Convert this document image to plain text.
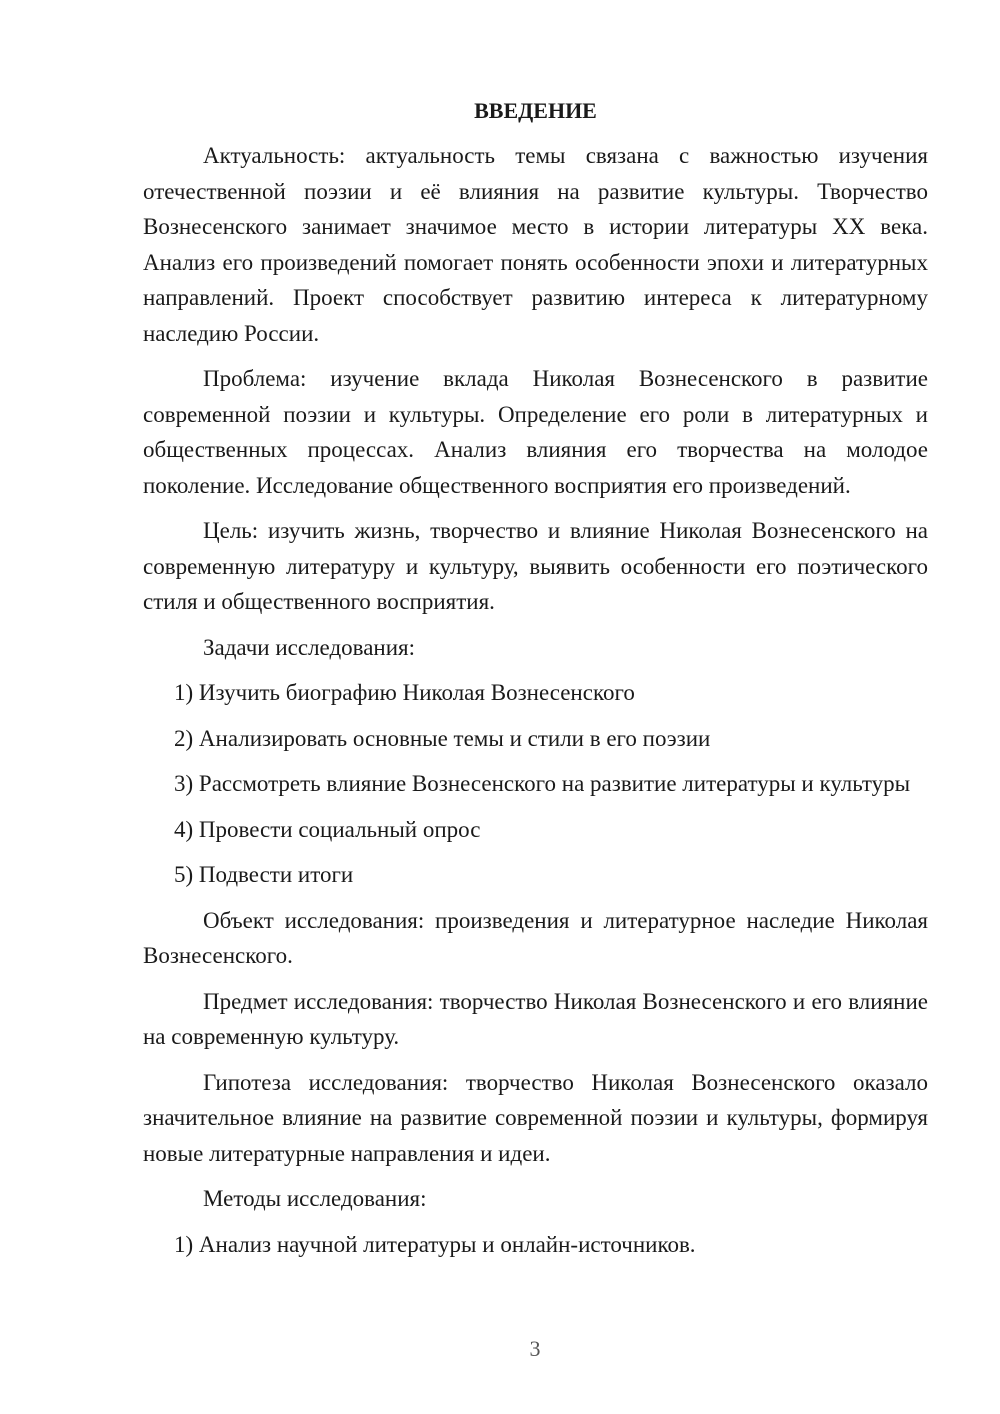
ВВЕДЕНИЕ

Актуальность: актуальность темы связана с важностью изучения отечественной поэзии и её влияния на развитие культуры. Творчество Вознесенского занимает значимое место в истории литературы XX века. Анализ его произведений помогает понять особенности эпохи и литературных направлений. Проект способствует развитию интереса к литературному наследию России.

Проблема: изучение вклада Николая Вознесенского в развитие современной поэзии и культуры. Определение его роли в литературных и общественных процессах. Анализ влияния его творчества на молодое поколение. Исследование общественного восприятия его произведений.

Цель: изучить жизнь, творчество и влияние Николая Вознесенского на современную литературу и культуру, выявить особенности его поэтического стиля и общественного восприятия.

Задачи исследования:

1) Изучить биографию Николая Вознесенского

2) Анализировать основные темы и стили в его поэзии

3) Рассмотреть влияние Вознесенского на развитие литературы и культуры

4) Провести социальный опрос

5) Подвести итоги

Объект исследования: произведения и литературное наследие Николая Вознесенского.

Предмет исследования: творчество Николая Вознесенского и его влияние на современную культуру.

Гипотеза исследования: творчество Николая Вознесенского оказало значительное влияние на развитие современной поэзии и культуры, формируя новые литературные направления и идеи.

Методы исследования:

1) Анализ научной литературы и онлайн-источников.

3
